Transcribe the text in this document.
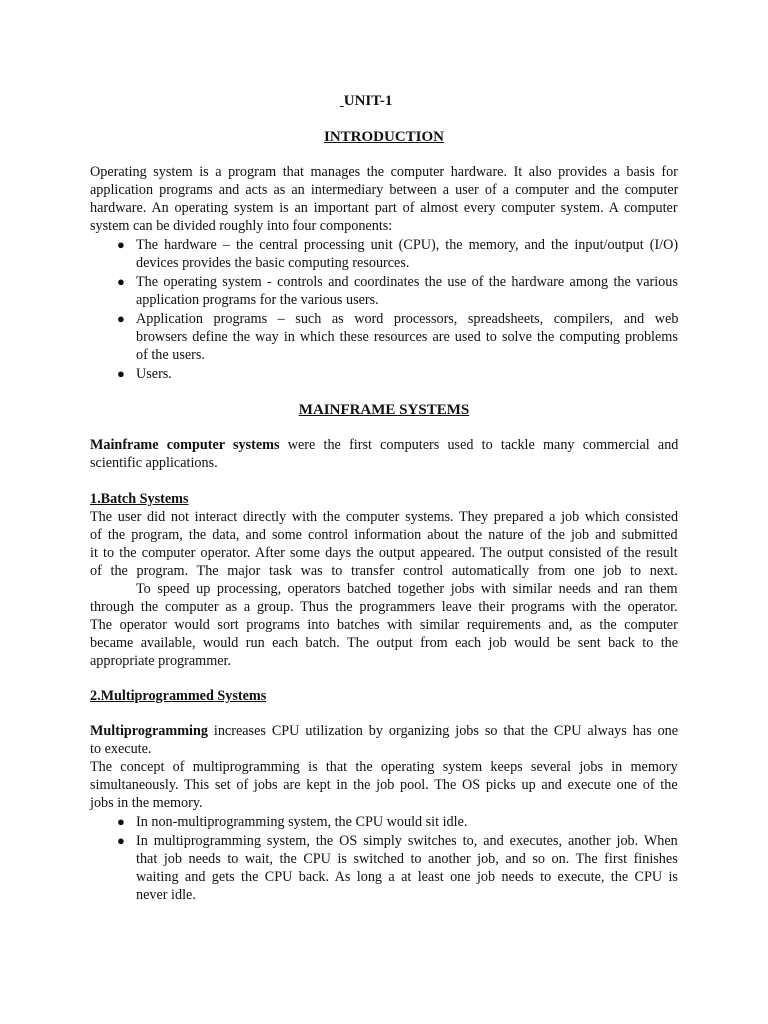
UNIT-1
INTRODUCTION
Operating system is a program that manages the computer hardware. It also provides a basis for
application programs and acts as an intermediary between a user of a computer and the computer
hardware. An operating system is an important part of almost every computer system. A computer
system can be divided roughly into four components:
● The hardware – the central processing unit (CPU), the memory, and the input/output (I/O)
devices provides the basic computing resources.
● The operating system - controls and coordinates the use of the hardware among the various
application programs for the various users.
● Application programs – such as word processors, spreadsheets, compilers, and web
browsers define the way in which these resources are used to solve the computing problems
of the users.
● Users.
MAINFRAME SYSTEMS
Mainframe computer systems were the first computers used to tackle many commercial and
scientific applications.
1.Batch Systems
The user did not interact directly with the computer systems. They prepared a job which consisted
of the program, the data, and some control information about the nature of the job and submitted
it to the computer operator. After some days the output appeared. The output consisted of the result
of the program. The major task was to transfer control automatically from one job to next.
To speed up processing, operators batched together jobs with similar needs and ran them
through the computer as a group. Thus the programmers leave their programs with the operator.
The operator would sort programs into batches with similar requirements and, as the computer
became available, would run each batch. The output from each job would be sent back to the
appropriate programmer.
2.Multiprogrammed Systems
Multiprogramming increases CPU utilization by organizing jobs so that the CPU always has one
to execute.
The concept of multiprogramming is that the operating system keeps several jobs in memory
simultaneously. This set of jobs are kept in the job pool. The OS picks up and execute one of the
jobs in the memory.
● In non-multiprogramming system, the CPU would sit idle.
● In multiprogramming system, the OS simply switches to, and executes, another job. When
that job needs to wait, the CPU is switched to another job, and so on. The first finishes
waiting and gets the CPU back. As long a at least one job needs to execute, the CPU is
never idle.
